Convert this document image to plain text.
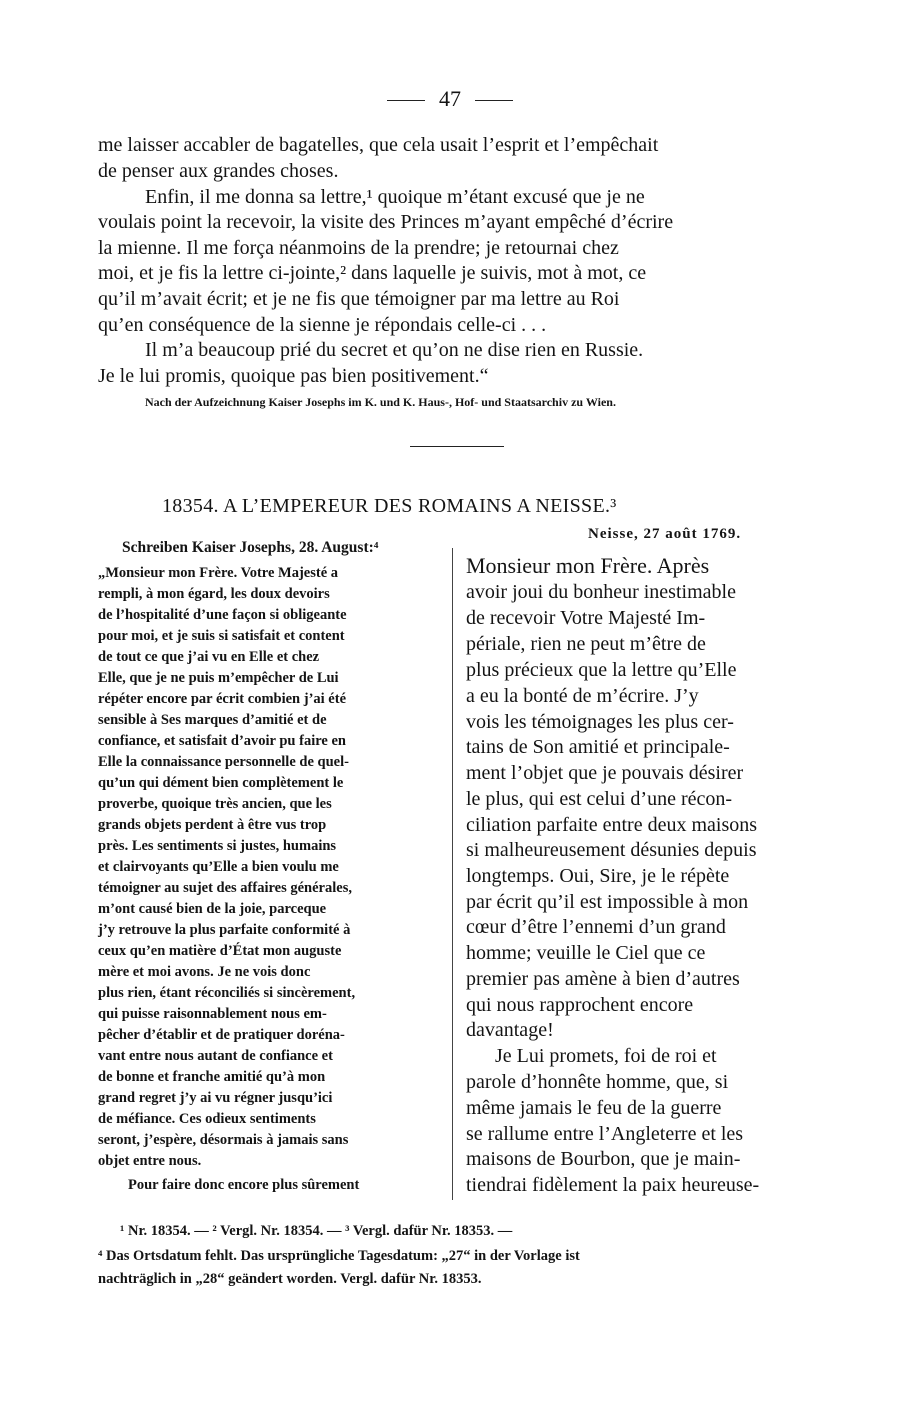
47
me laisser accabler de bagatelles, que cela usait l’esprit et l’empêchait
de penser aux grandes choses.
Enfin, il me donna sa lettre,¹ quoique m’étant excusé que je ne
voulais point la recevoir, la visite des Princes m’ayant empêché d’écrire
la mienne. Il me força néanmoins de la prendre; je retournai chez
moi, et je fis la lettre ci-jointe,² dans laquelle je suivis, mot à mot, ce
qu’il m’avait écrit; et je ne fis que témoigner par ma lettre au Roi
qu’en conséquence de la sienne je répondais celle-ci . . .
Il m’a beaucoup prié du secret et qu’on ne dise rien en Russie.
Je le lui promis, quoique pas bien positivement.“
Nach der Aufzeichnung Kaiser Josephs im K. und K. Haus-, Hof- und Staatsarchiv zu Wien.
18354. A L’EMPEREUR DES ROMAINS A NEISSE.³
Neisse, 27 août 1769.
Schreiben Kaiser Josephs, 28. August:⁴
„Monsieur mon Frère. Votre Majesté a
rempli, à mon égard, les doux devoirs
de l’hospitalité d’une façon si obligeante
pour moi, et je suis si satisfait et content
de tout ce que j’ai vu en Elle et chez
Elle, que je ne puis m’empêcher de Lui
répéter encore par écrit combien j’ai été
sensible à Ses marques d’amitié et de
confiance, et satisfait d’avoir pu faire en
Elle la connaissance personnelle de quel-
qu’un qui dément bien complètement le
proverbe, quoique très ancien, que les
grands objets perdent à être vus trop
près. Les sentiments si justes, humains
et clairvoyants qu’Elle a bien voulu me
témoigner au sujet des affaires générales,
m’ont causé bien de la joie, parceque
j’y retrouve la plus parfaite conformité à
ceux qu’en matière d’État mon auguste
mère et moi avons. Je ne vois donc
plus rien, étant réconciliés si sincèrement,
qui puisse raisonnablement nous em-
pêcher d’établir et de pratiquer doréna-
vant entre nous autant de confiance et
de bonne et franche amitié qu’à mon
grand regret j’y ai vu régner jusqu’ici
de méfiance. Ces odieux sentiments
seront, j’espère, désormais à jamais sans
objet entre nous.
Pour faire donc encore plus sûrement
Monsieur mon Frère. Après
avoir joui du bonheur inestimable
de recevoir Votre Majesté Im-
périale, rien ne peut m’être de
plus précieux que la lettre qu’Elle
a eu la bonté de m’écrire. J’y
vois les témoignages les plus cer-
tains de Son amitié et principale-
ment l’objet que je pouvais désirer
le plus, qui est celui d’une récon-
ciliation parfaite entre deux maisons
si malheureusement désunies depuis
longtemps. Oui, Sire, je le répète
par écrit qu’il est impossible à mon
cœur d’être l’ennemi d’un grand
homme; veuille le Ciel que ce
premier pas amène à bien d’autres
qui nous rapprochent encore
davantage!
Je Lui promets, foi de roi et
parole d’honnête homme, que, si
même jamais le feu de la guerre
se rallume entre l’Angleterre et les
maisons de Bourbon, que je main-
tiendrai fidèlement la paix heureuse-
¹ Nr. 18354. — ² Vergl. Nr. 18354. — ³ Vergl. dafür Nr. 18353. —
⁴ Das Ortsdatum fehlt. Das ursprüngliche Tagesdatum: „27“ in der Vorlage ist
nachträglich in „28“ geändert worden. Vergl. dafür Nr. 18353.
